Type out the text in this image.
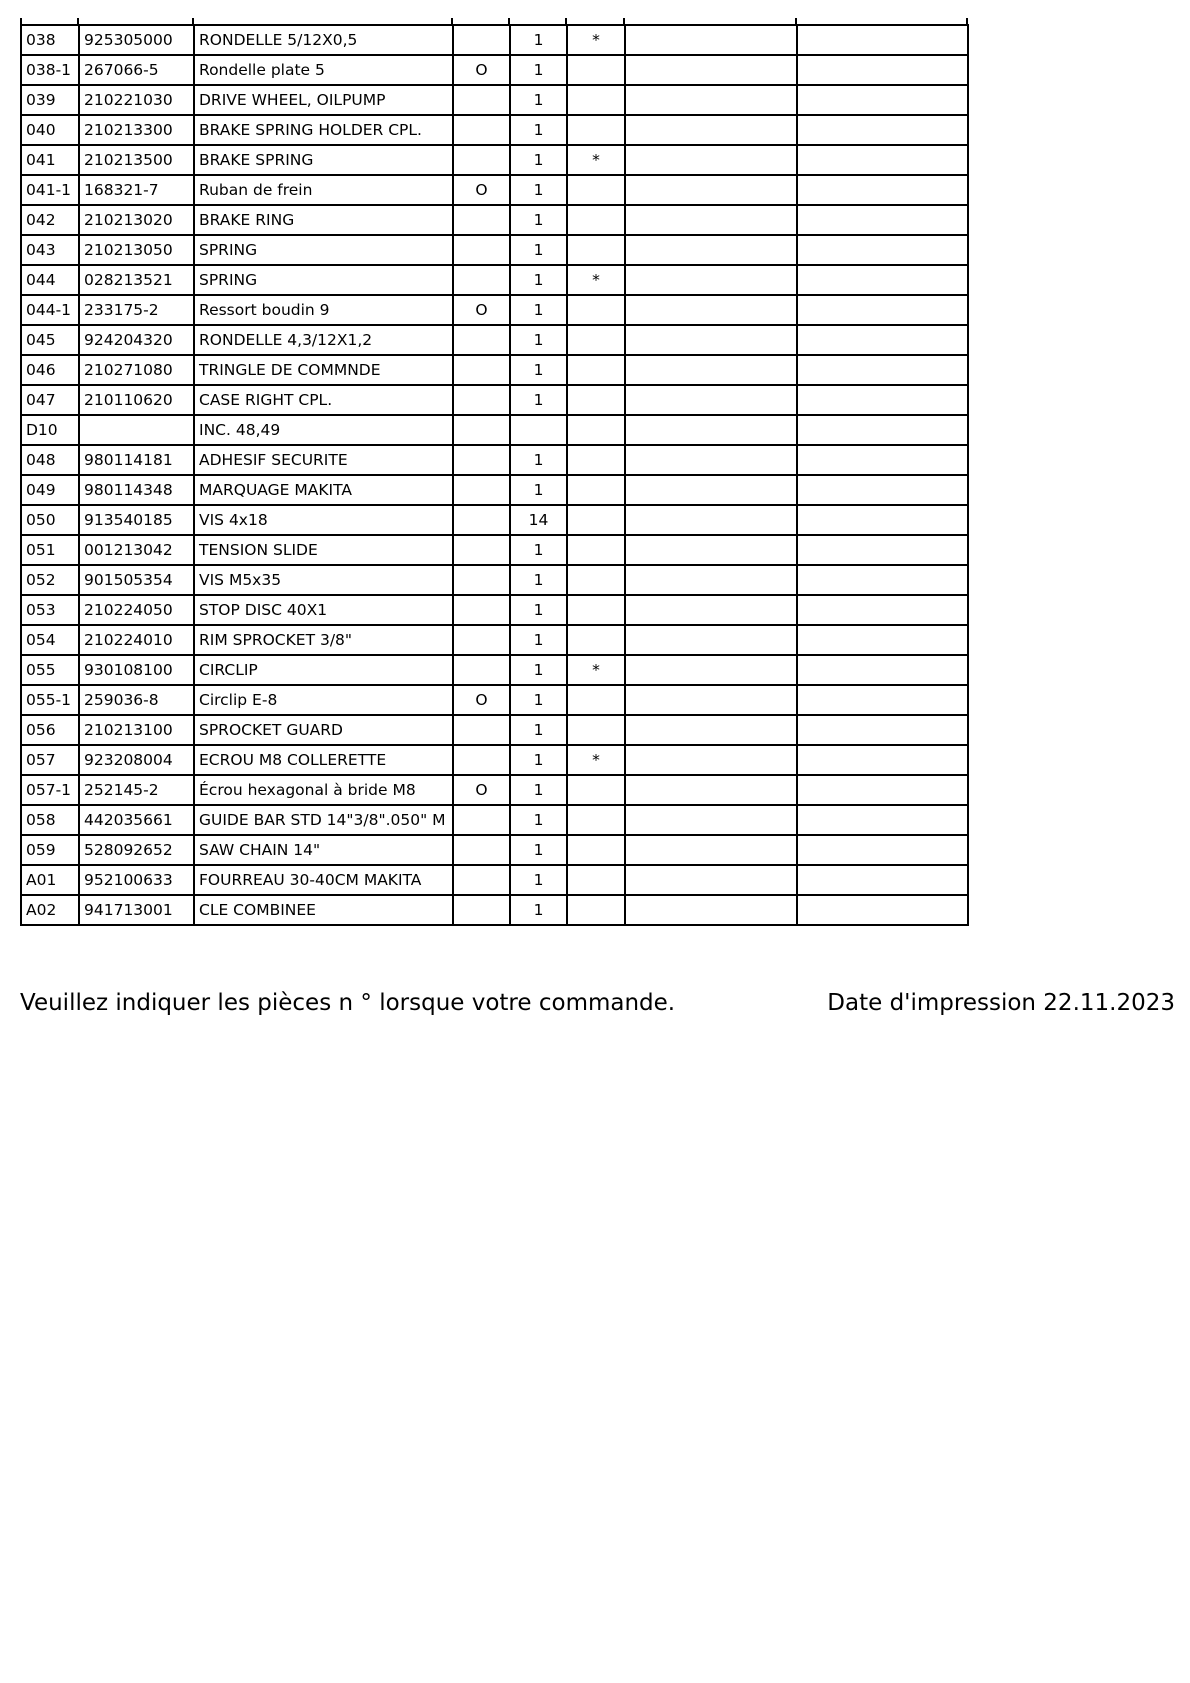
038	925305000	RONDELLE 5/12X0,5		1	*		
038-1	267066-5	Rondelle plate 5	O	1			
039	210221030	DRIVE WHEEL, OILPUMP		1			
040	210213300	BRAKE SPRING HOLDER CPL.		1			
041	210213500	BRAKE SPRING		1	*		
041-1	168321-7	Ruban de frein	O	1			
042	210213020	BRAKE RING		1			
043	210213050	SPRING		1			
044	028213521	SPRING		1	*		
044-1	233175-2	Ressort boudin 9	O	1			
045	924204320	RONDELLE 4,3/12X1,2		1			
046	210271080	TRINGLE DE COMMNDE		1			
047	210110620	CASE RIGHT CPL.		1			
D10		INC. 48,49					
048	980114181	ADHESIF SECURITE		1			
049	980114348	MARQUAGE MAKITA		1			
050	913540185	VIS 4x18		14			
051	001213042	TENSION SLIDE		1			
052	901505354	VIS M5x35		1			
053	210224050	STOP DISC 40X1		1			
054	210224010	RIM SPROCKET 3/8"		1			
055	930108100	CIRCLIP		1	*		
055-1	259036-8	Circlip E-8	O	1			
056	210213100	SPROCKET GUARD		1			
057	923208004	ECROU M8 COLLERETTE		1	*		
057-1	252145-2	Écrou hexagonal à bride M8	O	1			
058	442035661	GUIDE BAR STD 14"3/8".050" M		1			
059	528092652	SAW CHAIN 14"		1			
A01	952100633	FOURREAU 30-40CM MAKITA		1			
A02	941713001	CLE COMBINEE		1			
Veuillez indiquer les pièces n ° lorsque votre commande.	Date d'impression 22.11.2023
